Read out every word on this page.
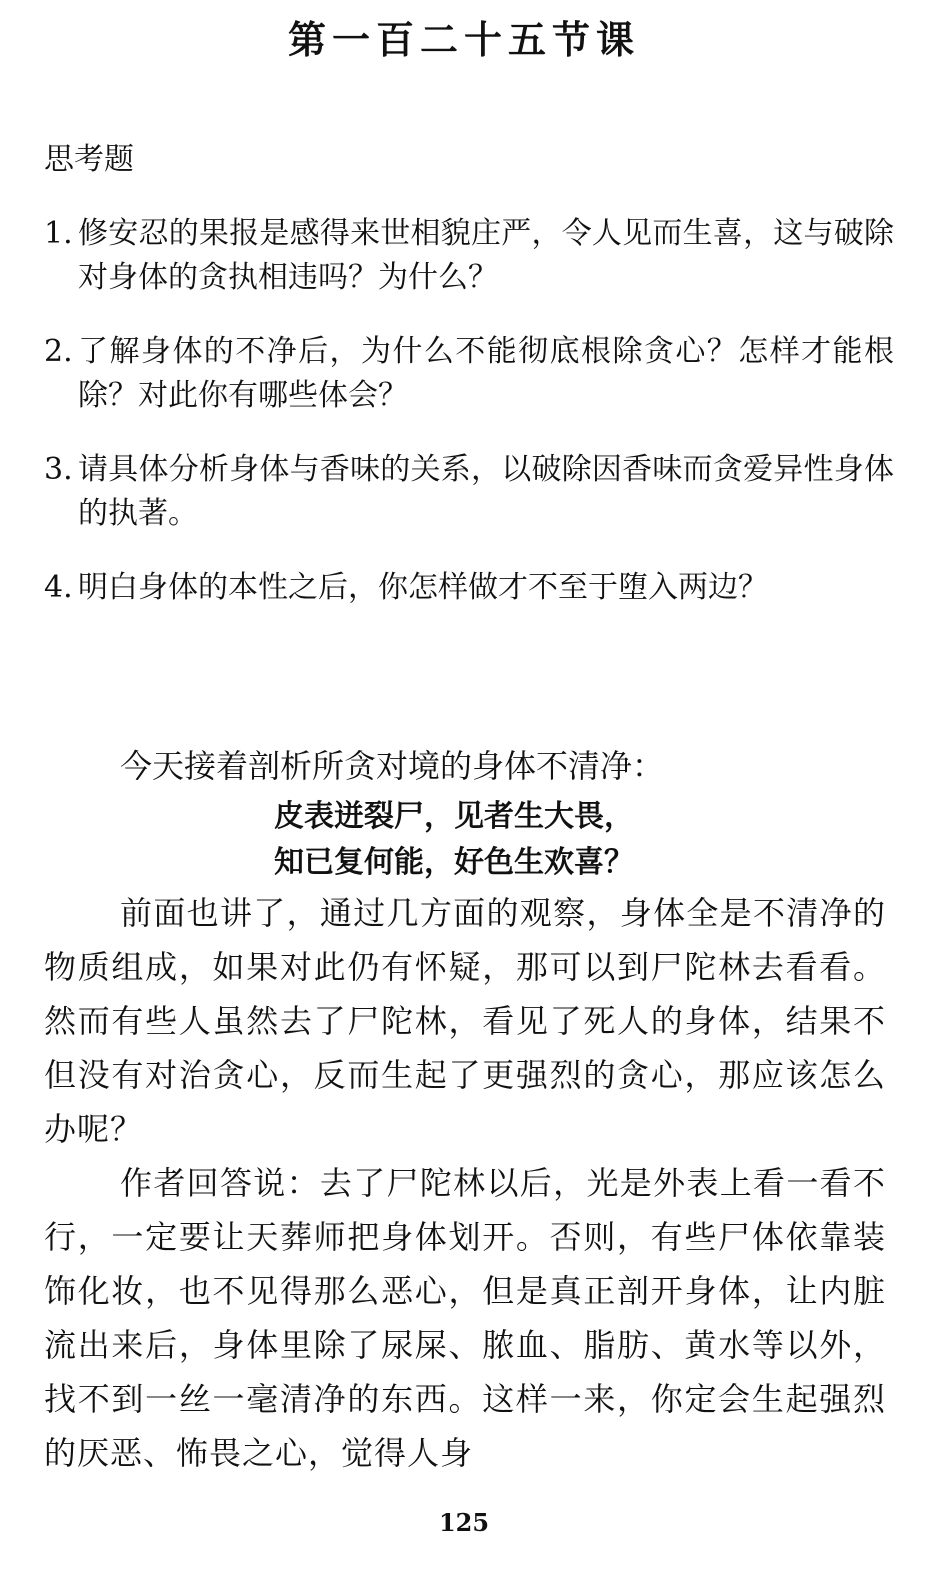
第一百二十五节课
思考题
1. 修安忍的果报是感得来世相貌庄严，令人见而生喜，这与破除对身体的贪执相违吗？为什么？
2. 了解身体的不净后，为什么不能彻底根除贪心？怎样才能根除？对此你有哪些体会？
3. 请具体分析身体与香味的关系，以破除因香味而贪爱异性身体的执著。
4. 明白身体的本性之后，你怎样做才不至于堕入两边？

今天接着剖析所贪对境的身体不清净：

皮表迸裂尸，见者生大畏，

知已复何能，好色生欢喜？

前面也讲了，通过几方面的观察，身体全是不清净的物质组成，如果对此仍有怀疑，那可以到尸陀林去看看。然而有些人虽然去了尸陀林，看见了死人的身体，结果不但没有对治贪心，反而生起了更强烈的贪心，那应该怎么办呢？

作者回答说：去了尸陀林以后，光是外表上看一看不行，一定要让天葬师把身体划开。否则，有些尸体依靠装饰化妆，也不见得那么恶心，但是真正剖开身体，让内脏流出来后，身体里除了尿屎、脓血、脂肪、黄水等以外，找不到一丝一毫清净的东西。这样一来，你定会生起强烈的厌恶、怖畏之心，觉得人身

125
